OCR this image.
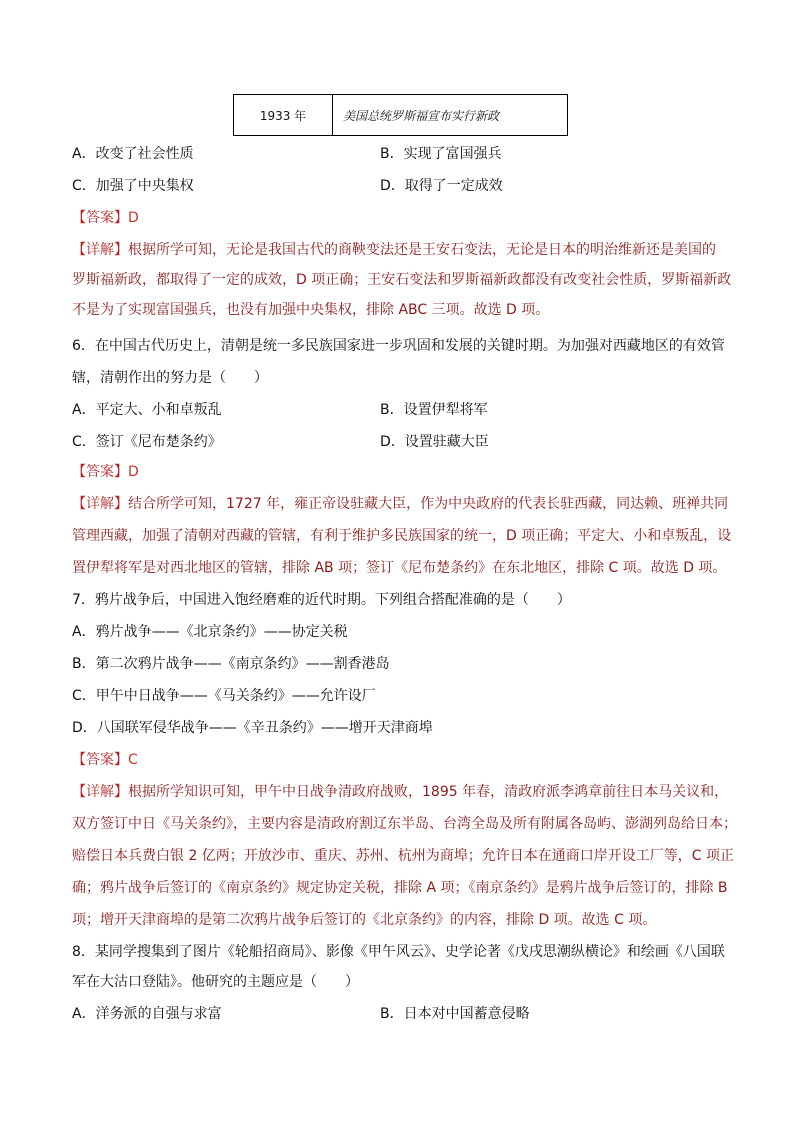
1933 年	美国总统罗斯福宣布实行新政
A．改变了社会性质	B．实现了富国强兵
C．加强了中央集权	D．取得了一定成效
【答案】D
【详解】根据所学可知，无论是我国古代的商鞅变法还是王安石变法，无论是日本的明治维新还是美国的
罗斯福新政，都取得了一定的成效，D 项正确；王安石变法和罗斯福新政都没有改变社会性质，罗斯福新政
不是为了实现富国强兵，也没有加强中央集权，排除 ABC 三项。故选 D 项。
6．在中国古代历史上，清朝是统一多民族国家进一步巩固和发展的关键时期。为加强对西藏地区的有效管
辖，清朝作出的努力是（　　）
A．平定大、小和卓叛乱	B．设置伊犁将军
C．签订《尼布楚条约》	D．设置驻藏大臣
【答案】D
【详解】结合所学可知，1727 年，雍正帝设驻藏大臣，作为中央政府的代表长驻西藏，同达赖、班禅共同
管理西藏，加强了清朝对西藏的管辖，有利于维护多民族国家的统一，D 项正确；平定大、小和卓叛乱，设
置伊犁将军是对西北地区的管辖，排除 AB 项；签订《尼布楚条约》在东北地区，排除 C 项。故选 D 项。
7．鸦片战争后，中国进入饱经磨难的近代时期。下列组合搭配准确的是（　　）
A．鸦片战争——《北京条约》——协定关税
B．第二次鸦片战争——《南京条约》——割香港岛
C．甲午中日战争——《马关条约》——允许设厂
D．八国联军侵华战争——《辛丑条约》——增开天津商埠
【答案】C
【详解】根据所学知识可知，甲午中日战争清政府战败，1895 年春，清政府派李鸿章前往日本马关议和，
双方签订中日《马关条约》，主要内容是清政府割辽东半岛、台湾全岛及所有附属各岛屿、澎湖列岛给日本；
赔偿日本兵费白银 2 亿两；开放沙市、重庆、苏州、杭州为商埠；允许日本在通商口岸开设工厂等，C 项正
确；鸦片战争后签订的《南京条约》规定协定关税，排除 A 项；《南京条约》是鸦片战争后签订的，排除 B
项；增开天津商埠的是第二次鸦片战争后签订的《北京条约》的内容，排除 D 项。故选 C 项。
8．某同学搜集到了图片《轮船招商局》、影像《甲午风云》、史学论著《戊戌思潮纵横论》和绘画《八国联
军在大沽口登陆》。他研究的主题应是（　　）
A．洋务派的自强与求富	B．日本对中国蓄意侵略
